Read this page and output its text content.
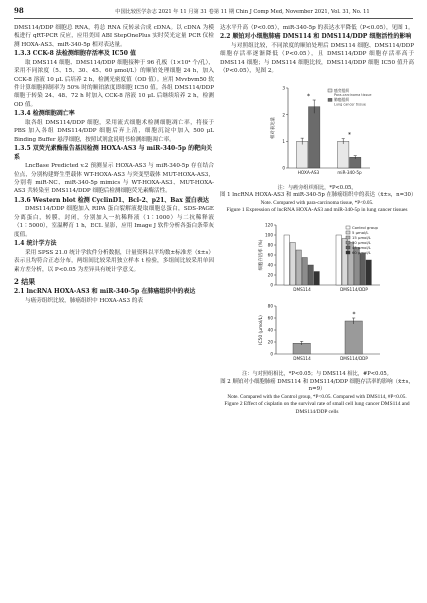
98	中国比较医学杂志 2021 年 11 月第 31 卷第 11 期 Chin J Comp Med, November 2021, Vol. 31, No. 11

DMS114/DDP 细胞总 RNA，将总 RNA 反转录合成 cDNA。以 cDNA 为模板进行 qRT-PCR 反应，应用美国 ABI StepOnePlus 实时荧光定量 PCR 仪检测 HOXA-AS3、miR-340-5p 相对表达量。

1.3.3 CCK-8 法检测细胞存活率及 IC50 值

取 DMS114 细胞、DMS114/DDP 细胞接种于 96 孔板（1×10⁴ 个/孔），采用不同浓度（5、15、30、45、60 μmol/L）的顺铂处理细胞 24 h，加入 CCK-8 溶液 10 μL 后培养 2 h，检测光密度值（OD 值）。应用 Mvvbvm50 软件计算细胞抑制率为 50% 时的顺铂浓度即细胞 IC50 值。各组 DMS114/DDP 细胞于转染 24、48、72 h 时加入 CCK-8 溶液 10 μL 后继续培养 2 h，检测 OD 值。

1.3.4 检测细胞凋亡率

取各组 DMS114/DDP 细胞，采用流式细胞术检测细胞凋亡率，将接于 PBS 加入各组 DMS114/DDP 细胞后弃上清，细胞沉淀中加入 500 μL Binding Buffer 悬浮细胞，按照试剂盒说明书检测细胞凋亡率。

1.3.5 双荧光素酶报告基因检测 HOXA-AS3 与 miR-340-5p 的靶向关系

LncBase Predicted v.2 预测显示 HOXA-AS3 与 miR-340-5p 存在结合位点，分别构建野生型载体 WT-HOXA-AS3 与突变型载体 MUT-HOXA-AS3，分别将 miR-NC、miR-340-5p mimics 与 WT-HOXA-AS3、MUT-HOXA-AS3 共转染至 DMS114/DDP 细胞后检测细胞荧光素酶活性。

1.3.6 Western blot 检测 CyclinD1、Bcl-2、p21、Bax 蛋白表达

DMS114/DDP 细胞加入 RIPA 蛋白裂解液提取细胞总蛋白，SDS-PAGE 分离蛋白，转膜，封闭，分别加入一抗稀释液（1∶1000）与二抗稀释液（1∶5000），室温孵育 1 h，ECL 显影，应用 Image J 软件分析各蛋白条带灰度值。

1.4 统计学方法

采用 SPSS 21.0 统计学软件分析数据，计量资料以平均数±标准差（x̄±s）表示且均符合正态分布，两组间比较采用独立样本 t 检验，多组间比较采用单因素方差分析，以 P<0.05 为差异具有统计学意义。

2 结果
2.1 lncRNA HOXA-AS3 和 miR-340-5p 在肺癌组织中的表达

与癌旁组织比较，肺癌组织中 HOXA-AS3 的表

达水平升高（P<0.05），miR-340-5p 的表达水平降低（P<0.05），见图 1。

2.2 顺铂对小细胞肺癌 DMS114 和 DMS114/DDP 细胞活性的影响

与对照组比较，不同浓度的顺铂处理后 DMS114 细胞、DMS114/DDP 细胞存活率逐渐降低（P<0.05），且 DMS114/DDP 细胞存活率高于 DMS114 细胞；与 DMS114 细胞比较，DMS114/DDP 细胞 IC50 值升高（P<0.05），见图 2。

0
1
2
3
相对表达量
HOXA-AS3
*
miR-340-5p
*
癌旁组织
Para-carcinoma tissue
肺癌组织
Lung cancer tissue
注：与癌旁组织相比，*P<0.05。
图 1 lncRNA HOXA-AS3 和 miR-340-5p 在肺癌组织中的表达（x̄±s，n=30）
Note. Compared with para-carcinoma tissue, *P<0.05.
Figure 1 Expression of lncRNA HOXA-AS3 and miR-340-5p in lung cancer tissues
0
20
40
60
80
100
120
细胞存活率 (%)
DMS114	DMS114/DDP
Control group
5 μmol/L
15 μmol/L
30 μmol/L
45 μmol/L
60 μmol/L

0
20
40
60
80
IC50 (μmol/L)
DMS114	DMS114/DDP
*
注：与对照组相比，*P<0.05；与 DMS114 相比，#P<0.05。
图 2 顺铂对小细胞肺癌 DMS114 和 DMS114/DDP 细胞存活率的影响（x̄±s，n=9）
Note. Compared with the Control group, *P<0.05. Compared with DMS114, #P<0.05.
Figure 2 Effect of cisplatin on the survival rate of small cell lung cancer DMS114 and DMS114/DDP cells
